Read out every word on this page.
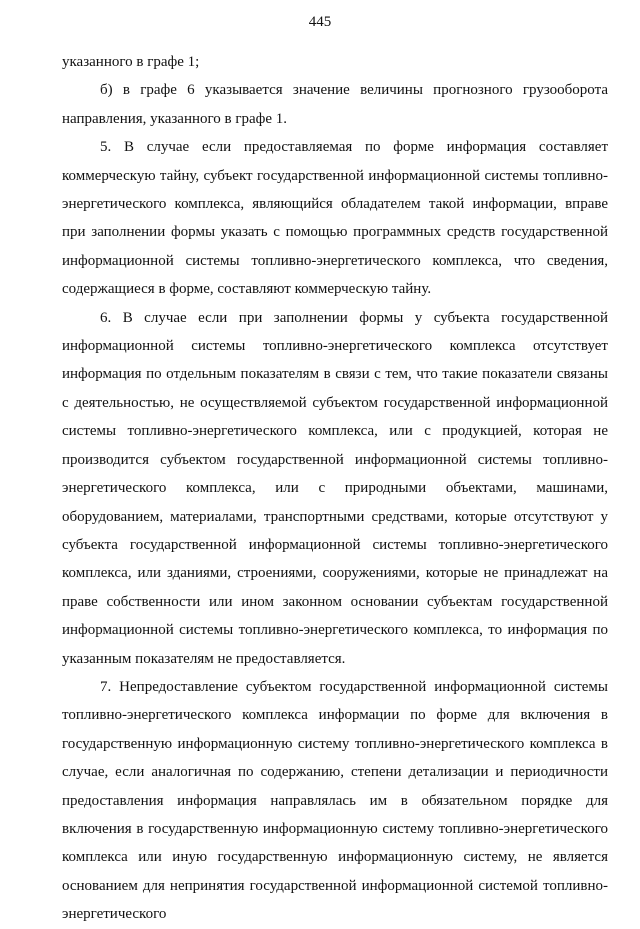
445

указанного в графе 1;

б) в графе 6 указывается значение величины прогнозного грузооборота направления, указанного в графе 1.

5. В случае если предоставляемая по форме информация составляет коммерческую тайну, субъект государственной информационной системы топливно-энергетического комплекса, являющийся обладателем такой информации, вправе при заполнении формы указать с помощью программных средств государственной информационной системы топливно-энергетического комплекса, что сведения, содержащиеся в форме, составляют коммерческую тайну.

6. В случае если при заполнении формы у субъекта государственной информационной системы топливно-энергетического комплекса отсутствует информация по отдельным показателям в связи с тем, что такие показатели связаны с деятельностью, не осуществляемой субъектом государственной информационной системы топливно-энергетического комплекса, или с продукцией, которая не производится субъектом государственной информационной системы топливно-энергетического комплекса, или с природными объектами, машинами, оборудованием, материалами, транспортными средствами, которые отсутствуют у субъекта государственной информационной системы топливно-энергетического комплекса, или зданиями, строениями, сооружениями, которые не принадлежат на праве собственности или ином законном основании субъектам государственной информационной системы топливно-энергетического комплекса, то информация по указанным показателям не предоставляется.

7. Непредоставление субъектом государственной информационной системы топливно-энергетического комплекса информации по форме для включения в государственную информационную систему топливно-энергетического комплекса в случае, если аналогичная по содержанию, степени детализации и периодичности предоставления информация направлялась им в обязательном порядке для включения в государственную информационную систему топливно-энергетического комплекса или иную государственную информационную систему, не является основанием для непринятия государственной информационной системой топливно-энергетического
